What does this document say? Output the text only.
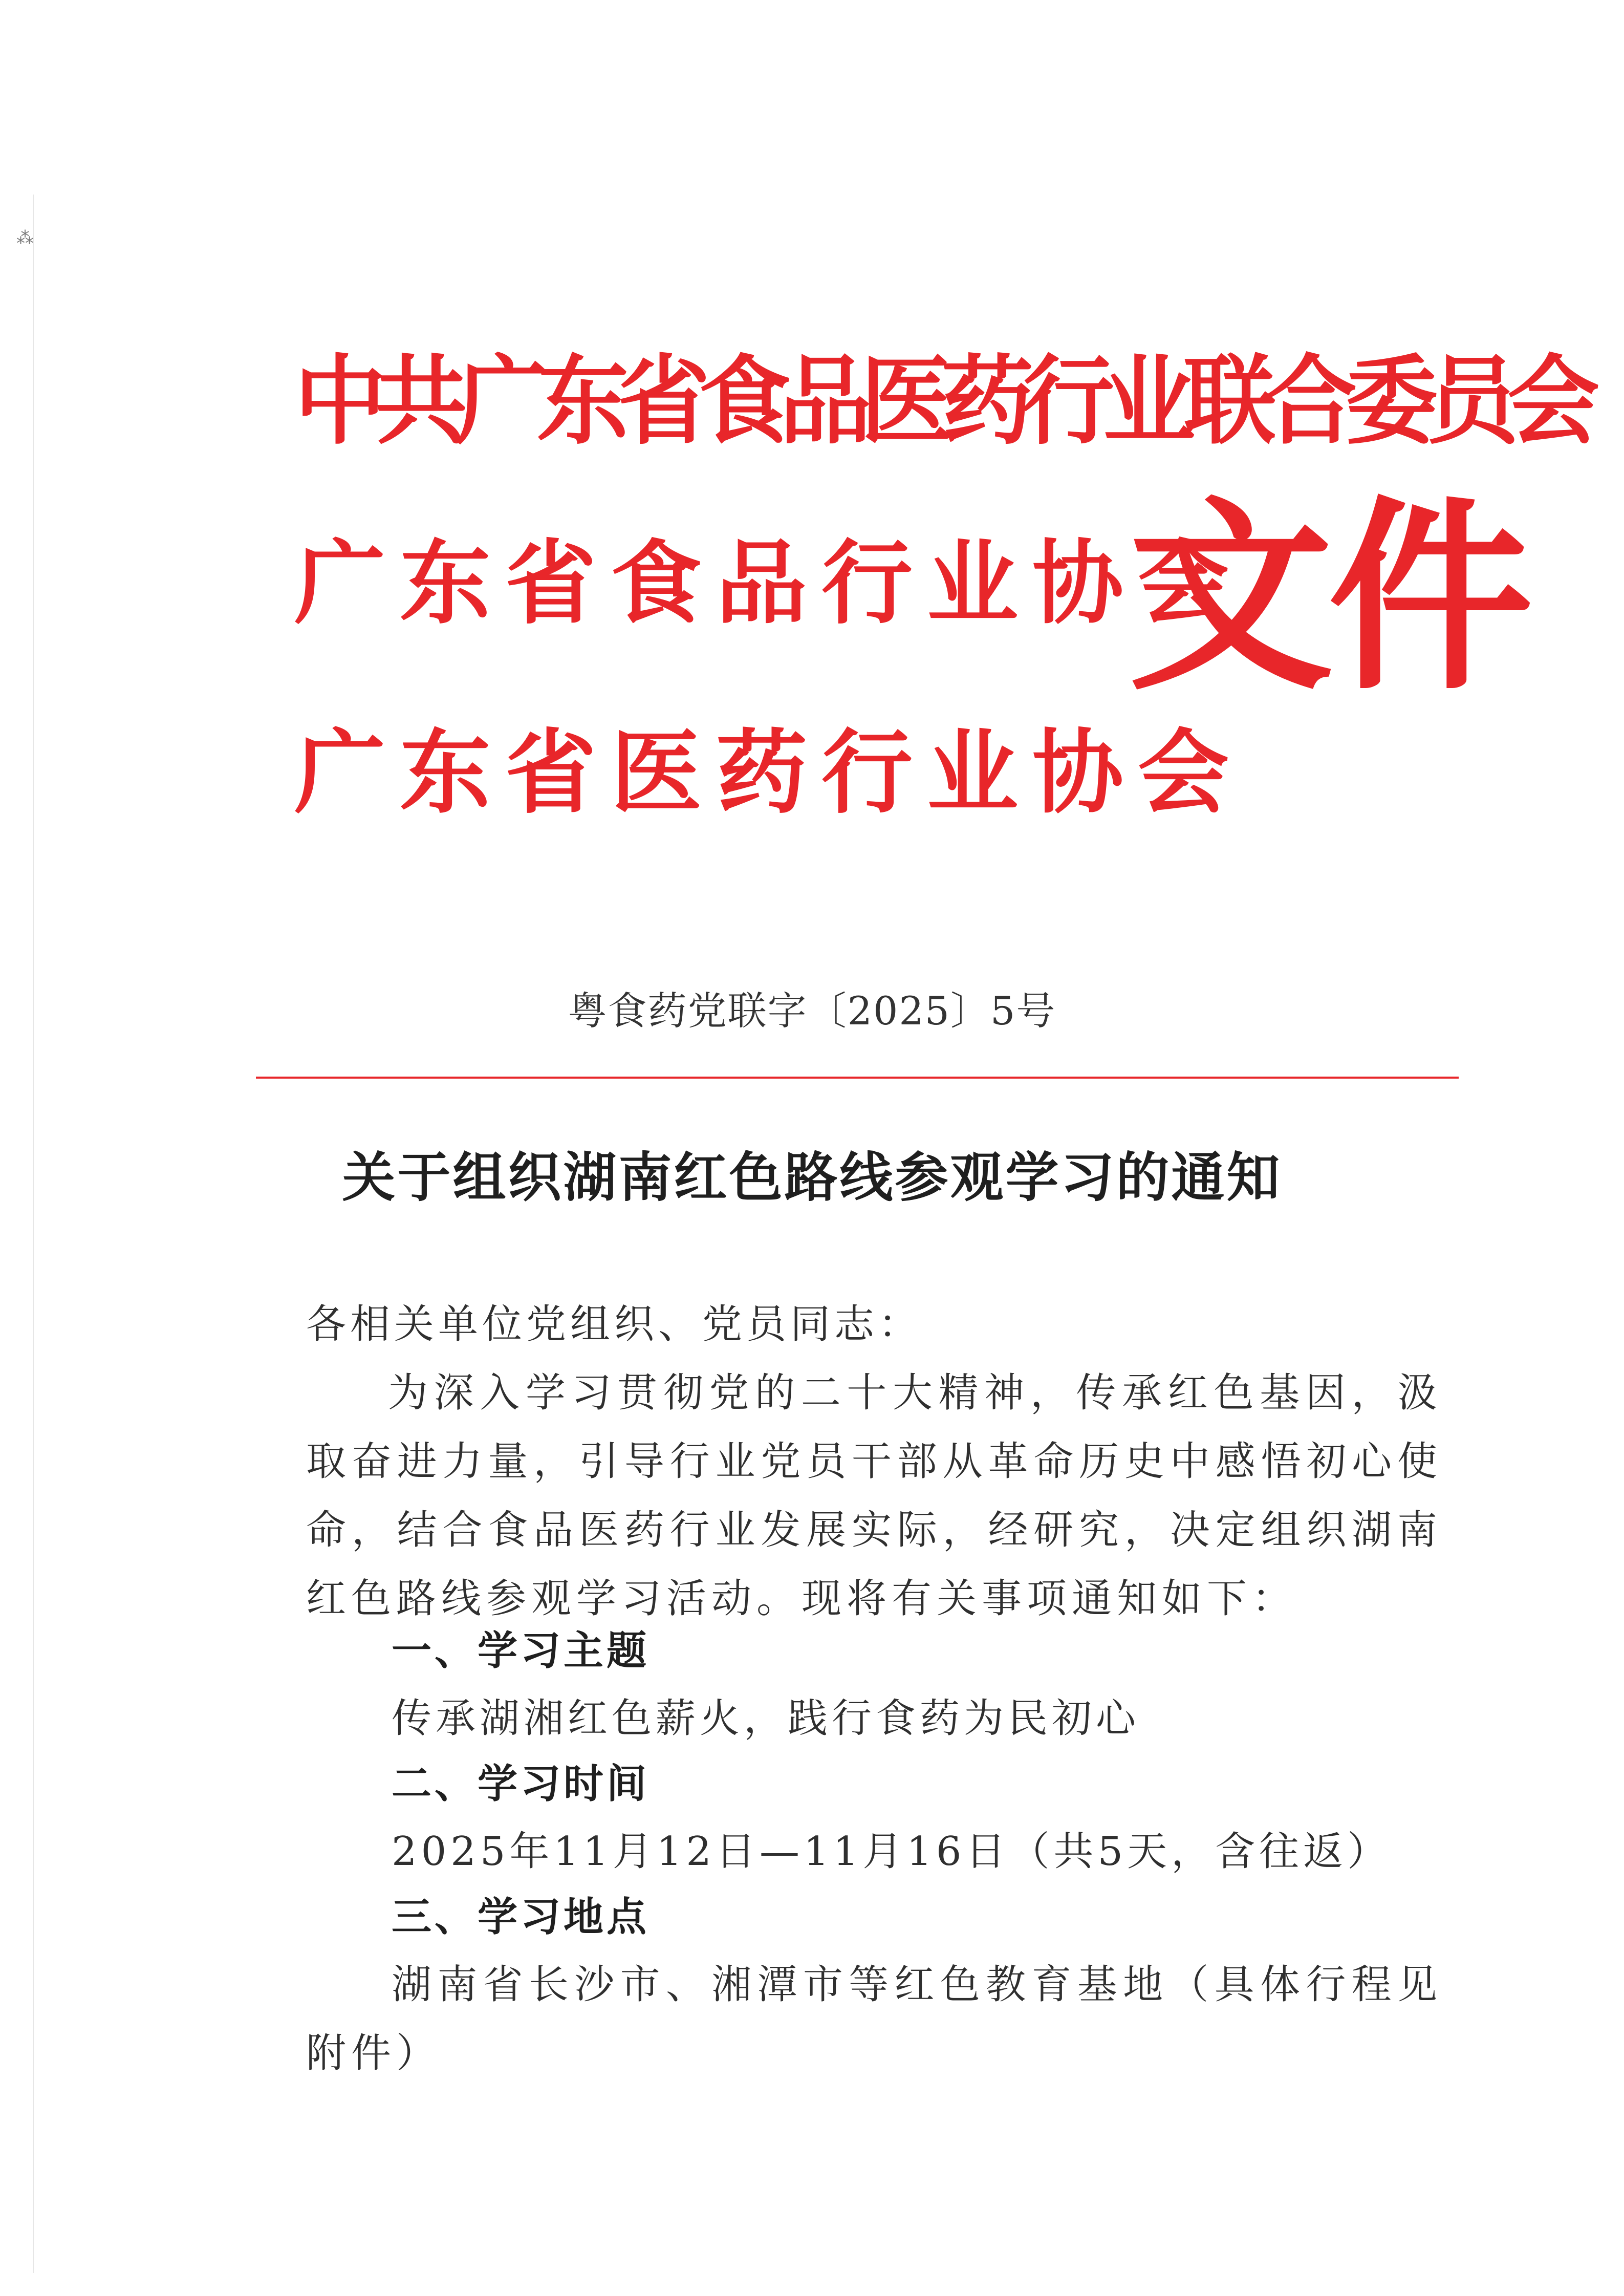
⁂
中共广东省食品医药行业联合委员会
广东省食品行业协会
广东省医药行业协会
文件
粤食药党联字〔2025〕5号
关于组织湖南红色路线参观学习的通知
各相关单位党组织、党员同志：
为深入学习贯彻党的二十大精神，传承红色基因，汲取奋进力量，引导行业党员干部从革命历史中感悟初心使命，结合食品医药行业发展实际，经研究，决定组织湖南红色路线参观学习活动。现将有关事项通知如下：
一、学习主题
传承湖湘红色薪火，践行食药为民初心
二、学习时间
2025年11月12日—11月16日（共5天，含往返）
三、学习地点
湖南省长沙市、湘潭市等红色教育基地（具体行程见附件）
